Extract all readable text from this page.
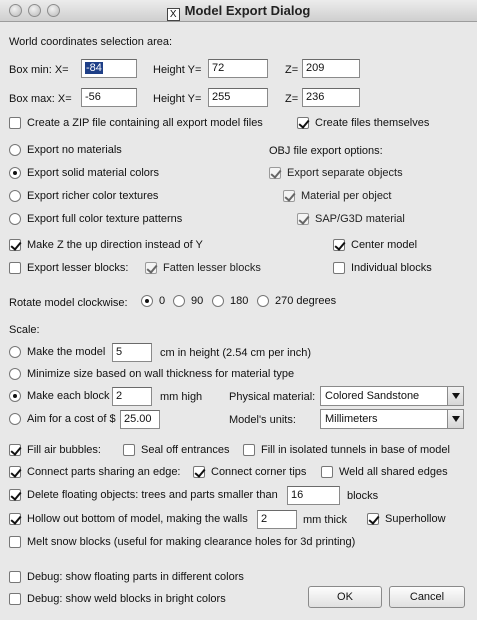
X Model Export Dialog
World coordinates selection area:
Box min: X=	-84	Height Y= 72	Z= 209
Box max: X=	-56	Height Y= 255	Z= 236
Create a ZIP file containing all export model files	Create files themselves
Export no materials
Export solid material colors
Export richer color textures
Export full color texture patterns
OBJ file export options:
Export separate objects
Material per object
SAP/G3D material
Make Z the up direction instead of Y	Center model
Export lesser blocks:	Fatten lesser blocks	Individual blocks
Rotate model clockwise:	0 90 180 270 degrees
Scale:
Make the model 5	cm in height (2.54 cm per inch)
Minimize size based on wall thickness for material type
Make each block 2	mm high Physical material: Colored Sandstone
Aim for a cost of $ 25.00	Model's units:	Millimeters
Fill air bubbles:	Seal off entrances	Fill in isolated tunnels in base of model
Connect parts sharing an edge:	Connect corner tips	Weld all shared edges
Delete floating objects: trees and parts smaller than	16	blocks
Hollow out bottom of model, making the walls	2	mm thick	Superhollow
Melt snow blocks (useful for making clearance holes for 3d printing)
Debug: show floating parts in different colors
Debug: show weld blocks in bright colors	OK	Cancel
